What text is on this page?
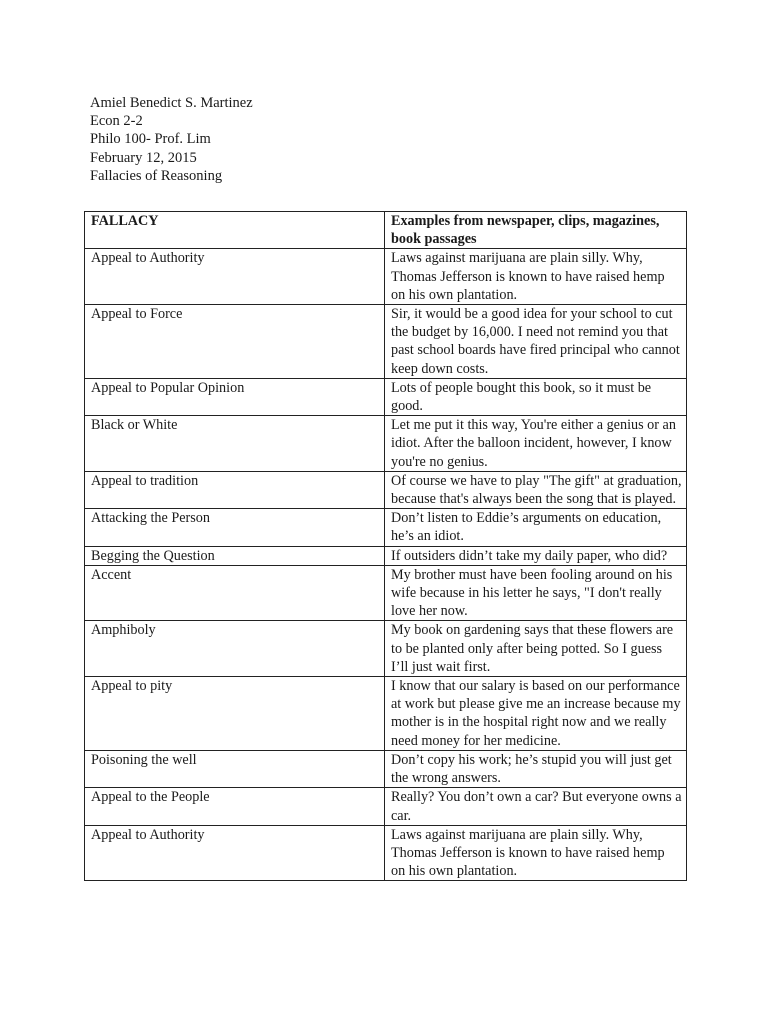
Amiel Benedict S. Martinez
Econ 2-2
Philo 100- Prof. Lim
February 12, 2015
Fallacies of Reasoning
FALLACY	Examples from newspaper, clips, magazines, book passages
Appeal to Authority	Laws against marijuana are plain silly. Why, Thomas Jefferson is known to have raised hemp on his own plantation.
Appeal to Force	Sir, it would be a good idea for your school to cut the budget by 16,000. I need not remind you that past school boards have fired principal who cannot keep down costs.
Appeal to Popular Opinion	Lots of people bought this book, so it must be good.
Black or White	Let me put it this way, You're either a genius or an idiot. After the balloon incident, however, I know you're no genius.
Appeal to tradition	Of course we have to play "The gift" at graduation, because that's always been the song that is played.
Attacking the Person	Don’t listen to Eddie’s arguments on education, he’s an idiot.
Begging the Question	If outsiders didn’t take my daily paper, who did?
Accent	My brother must have been fooling around on his wife because in his letter he says, "I don't really love her now.
Amphiboly	My book on gardening says that these flowers are to be planted only after being potted. So I guess I’ll just wait first.
Appeal to pity	I know that our salary is based on our performance at work but please give me an increase because my mother is in the hospital right now and we really need money for her medicine.
Poisoning the well	Don’t copy his work; he’s stupid you will just get the wrong answers.
Appeal to the People	Really? You don’t own a car? But everyone owns a car.
Appeal to Authority	Laws against marijuana are plain silly. Why, Thomas Jefferson is known to have raised hemp on his own plantation.
